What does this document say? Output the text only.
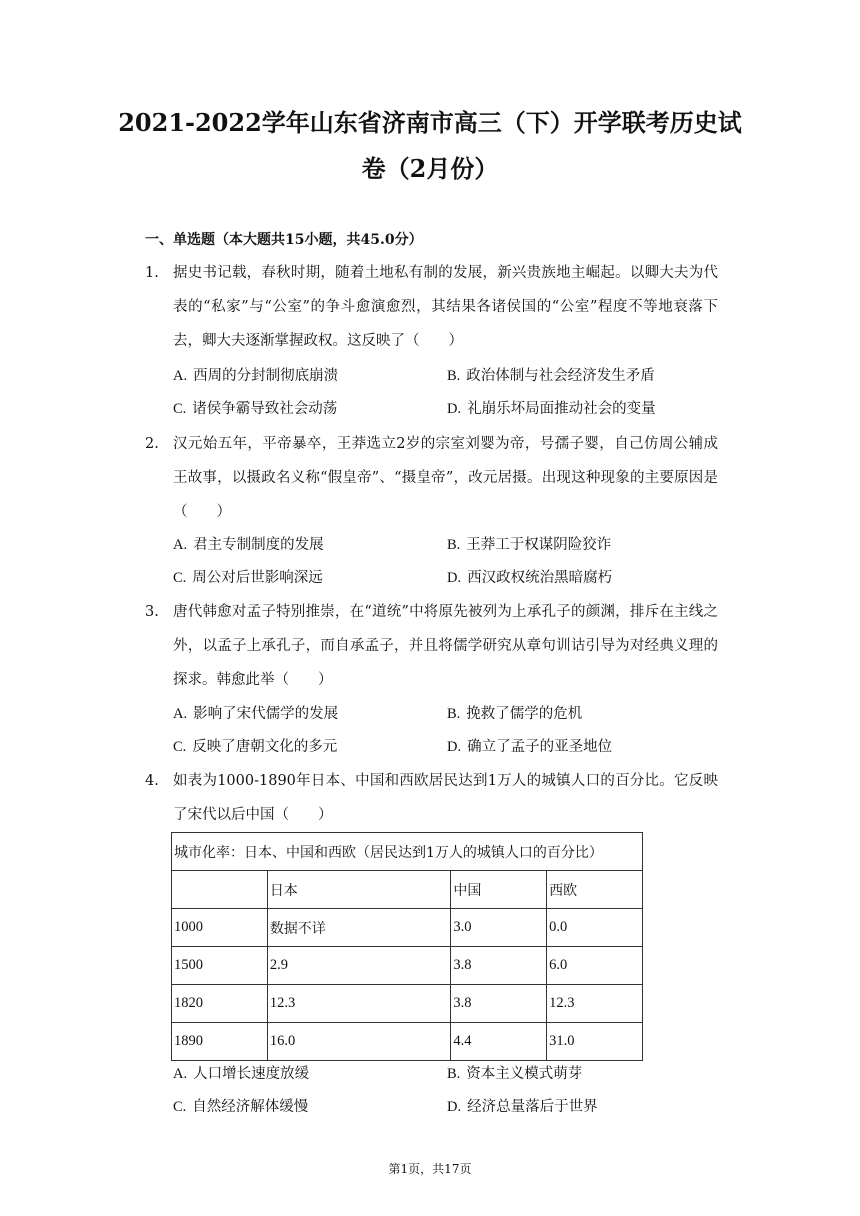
2021-2022学年山东省济南市高三（下）开学联考历史试卷（2月份）
一、单选题（本大题共15小题，共45.0分）
1. 据史书记载，春秋时期，随着土地私有制的发展，新兴贵族地主崛起。以卿大夫为代表的“私家”与“公室”的争斗愈演愈烈，其结果各诸侯国的“公室”程度不等地衰落下去，卿大夫逐渐掌握政权。这反映了（　　）
A. 西周的分封制彻底崩溃	B. 政治体制与社会经济发生矛盾
C. 诸侯争霸导致社会动荡	D. 礼崩乐坏局面推动社会的变量
2. 汉元始五年，平帝暴卒，王莽选立2岁的宗室刘婴为帝，号孺子婴，自己仿周公辅成王故事，以摄政名义称“假皇帝”、“摄皇帝”，改元居摄。出现这种现象的主要原因是（　　）
A. 君主专制制度的发展	B. 王莽工于权谋阴险狡诈
C. 周公对后世影响深远	D. 西汉政权统治黑暗腐朽
3. 唐代韩愈对孟子特别推崇，在“道统”中将原先被列为上承孔子的颜渊，排斥在主线之外，以孟子上承孔子，而自承孟子，并且将儒学研究从章句训诂引导为对经典义理的探求。韩愈此举（　　）
A. 影响了宋代儒学的发展	B. 挽救了儒学的危机
C. 反映了唐朝文化的多元	D. 确立了孟子的亚圣地位
4. 如表为1000-1890年日本、中国和西欧居民达到1万人的城镇人口的百分比。它反映了宋代以后中国（　　）
城市化率：日本、中国和西欧（居民达到1万人的城镇人口的百分比）			
	日本	中国	西欧
1000	数据不详	3.0	0.0
1500	2.9	3.8	6.0
1820	12.3	3.8	12.3
1890	16.0	4.4	31.0
A. 人口增长速度放缓	B. 资本主义模式萌芽
C. 自然经济解体缓慢	D. 经济总量落后于世界
第1页，共17页
